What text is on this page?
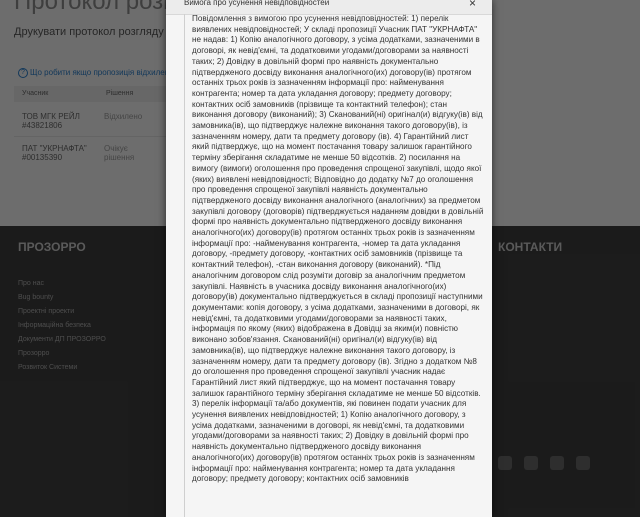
Вимога про усунення невідповідностей	×

Повідомлення з вимогою про усунення невідповідностей: 1) перелік виявлених невідповідностей; У складі пропозиції Учасник ПАТ "УКРНАФТА" не надав: 1) Копію аналогічного договору, з усіма додатками, зазначеними в договорі, як невід'ємні, та додатковими угодами/договорами за наявності таких; 2) Довідку в довільній формі про наявність документально підтвердженого досвіду виконання аналогічного(их) договору(ів) протягом останніх трьох років із зазначенням інформації про: найменування контрагента; номер та дата укладання договору; предмету договору; контактних осіб замовників (прізвище та контактний телефон); стан виконання договору (виконаний); 3) Сканований(ні) оригінал(и) відгуку(ів) від замовника(ів), що підтверджує належне виконання такого договору(ів), із зазначенням номеру, дати та предмету договору (ів). 4) Гарантійний лист який підтверджує, що на момент постачання товару залишок гарантійного терміну зберігання складатиме не менше 50 відсотків. 2) посилання на вимогу (вимоги) оголошення про проведення спрощеної закупівлі, щодо якої (яких) виявлені невідповідності; Відповідно до додатку №7 до оголошення про проведення спрощеної закупівлі наявність документально підтвердженого досвіду виконання аналогічного (аналогічних) за предметом закупівлі договору (договорів) підтверджується наданням довідки в довільній формі про наявність документально підтвердженого досвіду виконання аналогічного(их) договору(ів) протягом останніх трьох років із зазначенням інформації про: -найменування контрагента, -номер та дата укладання договору, -предмету договору, -контактних осіб замовників (прізвище та контактний телефон), -стан виконання договору (виконаний). *Під аналогічним договором слід розуміти договір за аналогічним предметом закупівлі. Наявність в учасника досвіду виконання аналогічного(их) договору(ів) документально підтверджується в складі пропозиції наступними документами: копія договору, з усіма додатками, зазначеними в договорі, як невід'ємні, та додатковими угодами/договорами за наявності таких, інформація по якому (яких) відображена в Довідці за яким(и) повністю виконано зобов'язання. Сканований(ні) оригінал(и) відгуку(ів) від замовника(ів), що підтверджує належне виконання такого договору, із зазначенням номеру, дати та предмету договору (ів). Згідно з додатком №8 до оголошення про проведення спрощеної закупівлі учасник надає Гарантійний лист який підтверджує, що на момент постачання товару залишок гарантійного терміну зберігання складатиме не менше 50 відсотків. 3) перелік інформації та/або документів, які повинен подати учасник для усунення виявлених невідповідностей; 1) Копію аналогічного договору, з усіма додатками, зазначеними в договорі, як невід'ємні, та додатковими угодами/договорами за наявності таких; 2) Довідку в довільній формі про наявність документально підтвердженого досвіду виконання аналогічного(их) договору(ів) протягом останніх трьох років із зазначенням інформації про: найменування контрагента; номер та дата укладання договору; предмету договору; контактних осіб замовників
